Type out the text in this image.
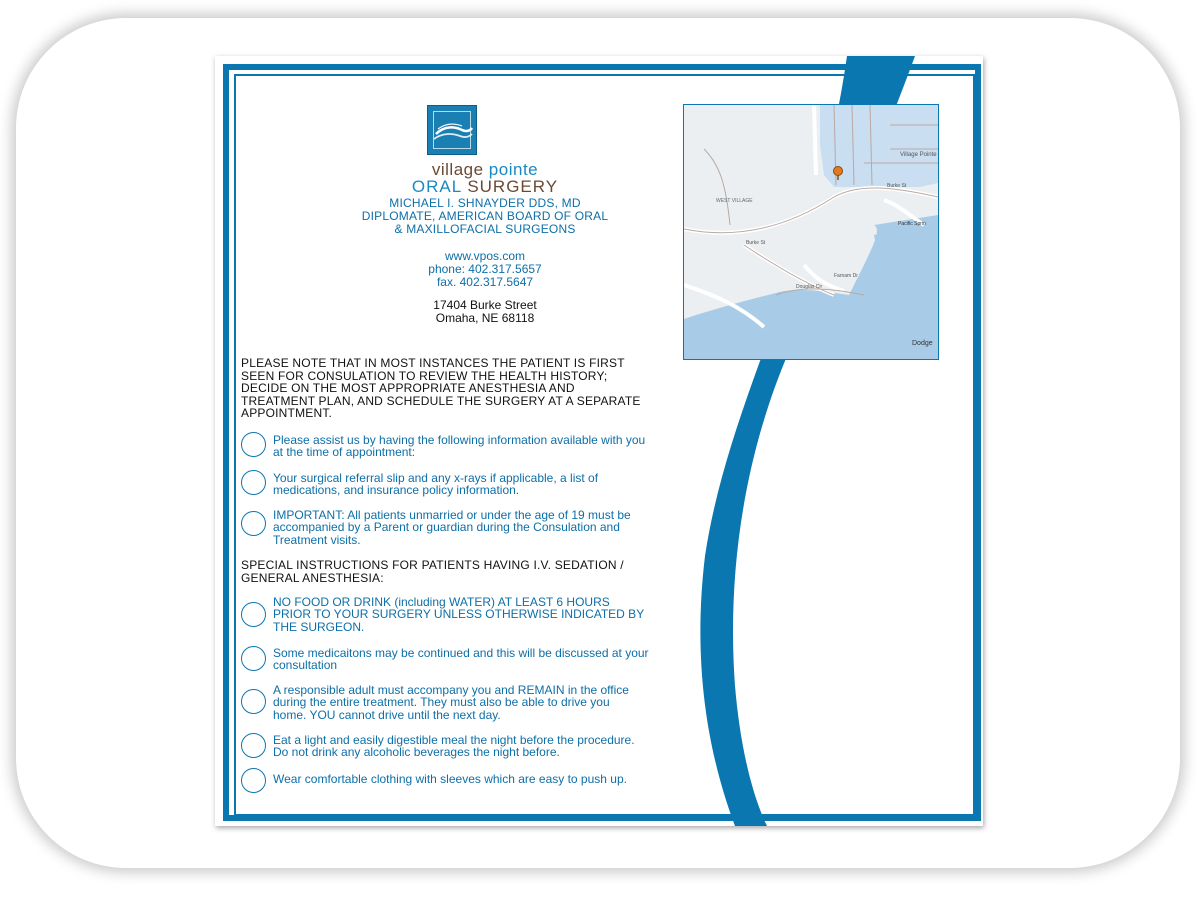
village pointe
ORAL SURGERY
MICHAEL I. SHNAYDER DDS, MD
DIPLOMATE, AMERICAN BOARD OF ORAL
& MAXILLOFACIAL SURGEONS
www.vpos.com
phone: 402.317.5657
fax. 402.317.5647
17404 Burke Street
Omaha, NE 68118
PLEASE NOTE THAT IN MOST INSTANCES THE PATIENT IS FIRST
SEEN FOR CONSULATION TO REVIEW THE HEALTH HISTORY;
DECIDE ON THE MOST APPROPRIATE ANESTHESIA AND
TREATMENT PLAN, AND SCHEDULE THE SURGERY AT A SEPARATE
APPOINTMENT.
Please assist us by having the following information available with you
at the time of appointment:
Your surgical referral slip and any x-rays if applicable, a list of
medications, and insurance policy information.
IMPORTANT: All patients unmarried or under the age of 19 must be
accompanied by a Parent or guardian during the Consulation and
Treatment visits.
SPECIAL INSTRUCTIONS FOR PATIENTS HAVING I.V. SEDATION /
GENERAL ANESTHESIA:
NO FOOD OR DRINK (including WATER) AT LEAST 6 HOURS
PRIOR TO YOUR SURGERY UNLESS OTHERWISE INDICATED BY
THE SURGEON.
Some medicaitons may be continued and this will be discussed at your
consultation
A responsible adult must accompany you and REMAIN in the office
during the entire treatment. They must also be able to drive you
home. YOU cannot drive until the next day.
Eat a light and easily digestible meal the night before the procedure.
Do not drink any alcoholic beverages the night before.
Wear comfortable clothing with sleeves which are easy to push up.
Village Pointe
WEST VILLAGE
Burke St
Burke St
Pacific Sprin
Douglas Cir
Farnam Dr
Dodge
